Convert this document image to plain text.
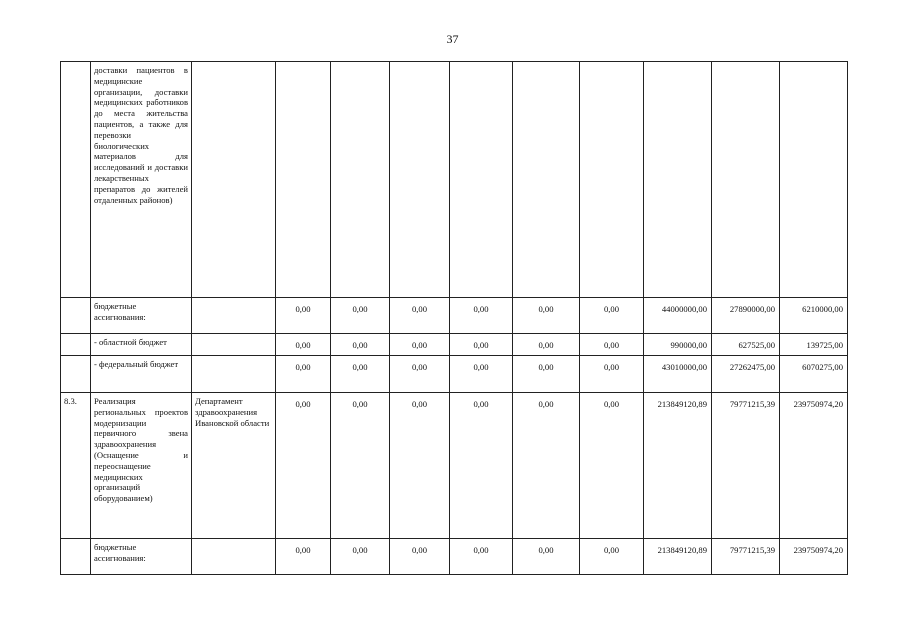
37
	доставки пациентов в медицинские организации, доставки медицинских работников до места жительства пациентов, а также для перевозки биологических материалов для исследований и доставки лекарственных препаратов до жителей отдаленных районов)										
	бюджетные ассигнования:		0,00	0,00	0,00	0,00	0,00	0,00	44000000,00	27890000,00	6210000,00
	- областной бюджет		0,00	0,00	0,00	0,00	0,00	0,00	990000,00	627525,00	139725,00
	- федеральный бюджет		0,00	0,00	0,00	0,00	0,00	0,00	43010000,00	27262475,00	6070275,00
8.3.	Реализация региональных проектов модернизации первичного звена здравоохранения (Оснащение и переоснащение медицинских организаций оборудованием)	Департамент здравоохранения Ивановской области	0,00	0,00	0,00	0,00	0,00	0,00	213849120,89	79771215,39	239750974,20
	бюджетные ассигнования:		0,00	0,00	0,00	0,00	0,00	0,00	213849120,89	79771215,39	239750974,20
